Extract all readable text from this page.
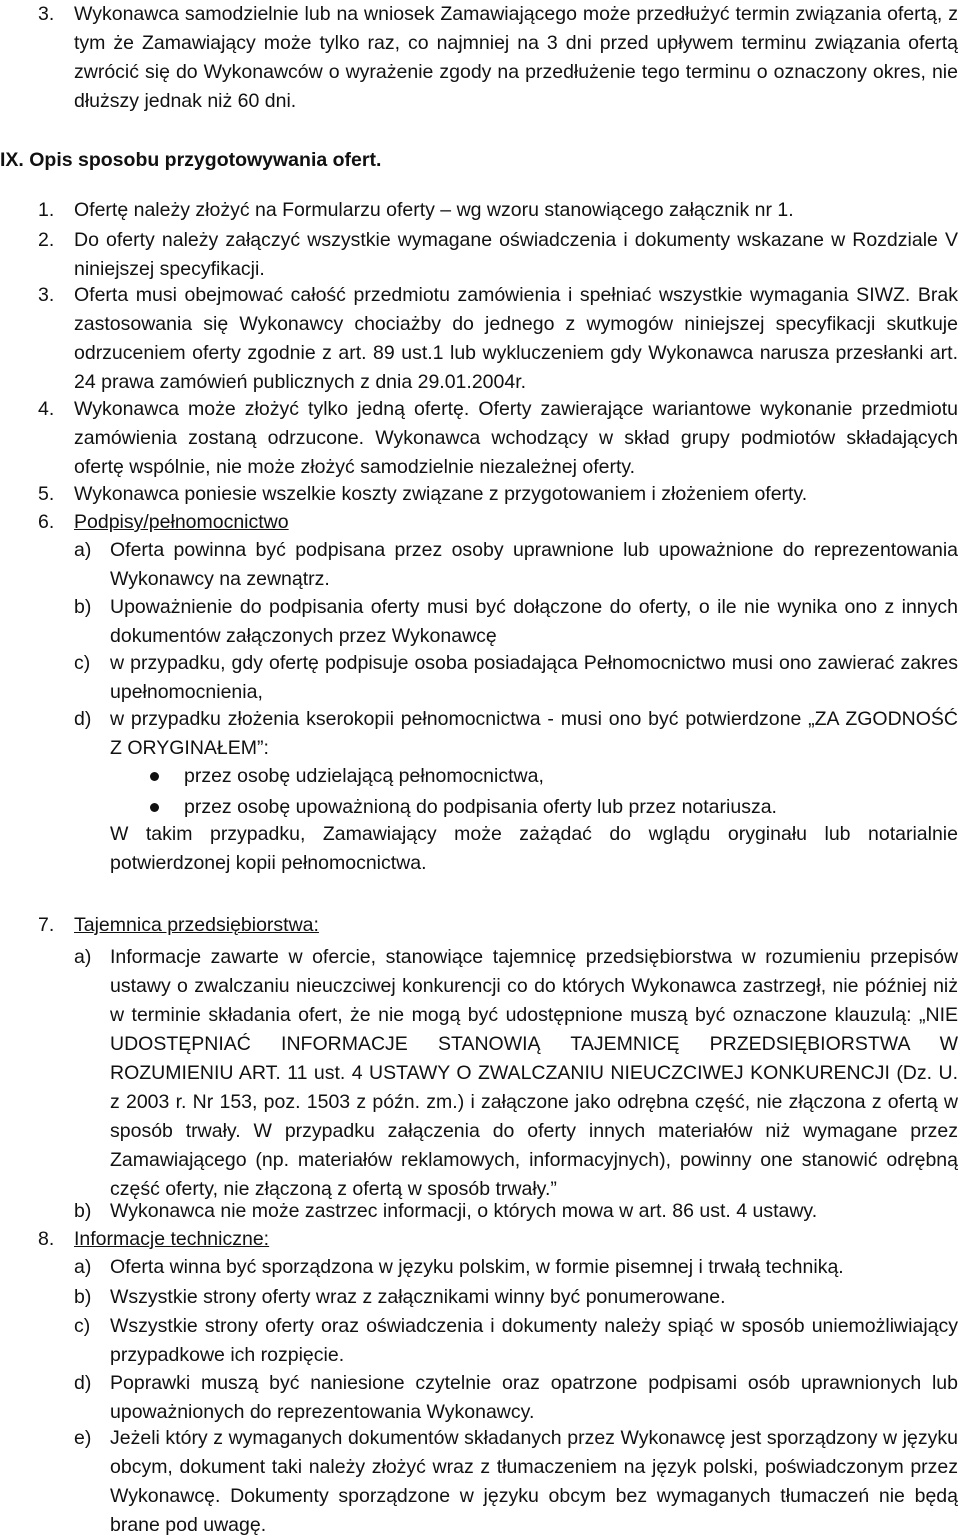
3.	Wykonawca samodzielnie lub na wniosek Zamawiającego może przedłużyć termin związania ofertą, z tym że Zamawiający może tylko raz, co najmniej na 3 dni przed upływem terminu związania ofertą zwrócić się do Wykonawców o wyrażenie zgody na przedłużenie tego terminu o oznaczony okres, nie dłuższy jednak niż 60 dni.
IX. Opis sposobu przygotowywania ofert.
1.	Ofertę należy złożyć na Formularzu oferty – wg wzoru stanowiącego załącznik nr 1.
2.	Do oferty należy załączyć wszystkie wymagane oświadczenia i dokumenty wskazane w Rozdziale V niniejszej specyfikacji.
3.	Oferta musi obejmować całość przedmiotu zamówienia i spełniać wszystkie wymagania SIWZ. Brak zastosowania się Wykonawcy chociażby do jednego z wymogów niniejszej specyfikacji skutkuje odrzuceniem oferty zgodnie z art. 89 ust.1 lub wykluczeniem gdy Wykonawca narusza przesłanki art. 24 prawa zamówień publicznych z dnia 29.01.2004r.
4.	Wykonawca może złożyć tylko jedną ofertę. Oferty zawierające wariantowe wykonanie przedmiotu zamówienia zostaną odrzucone. Wykonawca wchodzący w skład grupy podmiotów składających ofertę wspólnie, nie może złożyć samodzielnie niezależnej oferty.
5.	Wykonawca poniesie wszelkie koszty związane z przygotowaniem i złożeniem oferty.
6.	Podpisy/pełnomocnictwo
a) Oferta powinna być podpisana przez osoby uprawnione lub upoważnione do reprezentowania Wykonawcy na zewnątrz.
b) Upoważnienie do podpisania oferty musi być dołączone do oferty, o ile nie wynika ono z innych dokumentów załączonych przez Wykonawcę
c)	w przypadku, gdy ofertę podpisuje osoba posiadająca Pełnomocnictwo musi ono zawierać zakres upełnomocnienia,
d) w przypadku złożenia kserokopii pełnomocnictwa - musi ono być potwierdzone „ZA ZGODNOŚĆ Z ORYGINAŁEM”:
przez osobę udzielającą pełnomocnictwa,
przez osobę upoważnioną do podpisania oferty lub przez notariusza.
W takim przypadku, Zamawiający może zażądać do wglądu oryginału lub notarialnie potwierdzonej kopii pełnomocnictwa.
7.	Tajemnica przedsiębiorstwa:
a) Informacje zawarte w ofercie, stanowiące tajemnicę przedsiębiorstwa w rozumieniu przepisów ustawy o zwalczaniu nieuczciwej konkurencji co do których Wykonawca zastrzegł, nie później niż w terminie składania ofert, że nie mogą być udostępnione muszą być oznaczone klauzulą: „NIE UDOSTĘPNIAĆ INFORMACJE STANOWIĄ TAJEMNICĘ PRZEDSIĘBIORSTWA W ROZUMIENIU ART. 11 ust. 4 USTAWY O ZWALCZANIU NIEUCZCIWEJ KONKURENCJI (Dz. U. z 2003 r. Nr 153, poz. 1503 z późn. zm.) i załączone jako odrębna część, nie złączona z ofertą w sposób trwały. W przypadku załączenia do oferty innych materiałów niż wymagane przez Zamawiającego (np. materiałów reklamowych, informacyjnych), powinny one stanowić odrębną część oferty, nie złączoną z ofertą w sposób trwały.”
b) Wykonawca nie może zastrzec informacji, o których mowa w art. 86 ust. 4 ustawy.
8.	Informacje techniczne:
a) Oferta winna być sporządzona w języku polskim, w formie pisemnej i trwałą techniką.
b) Wszystkie strony oferty wraz z załącznikami winny być ponumerowane.
c)	Wszystkie strony oferty oraz oświadczenia i dokumenty należy spiąć w sposób uniemożliwiający przypadkowe ich rozpięcie.
d) Poprawki muszą być naniesione czytelnie oraz opatrzone podpisami osób uprawnionych lub upoważnionych do reprezentowania Wykonawcy.
e) Jeżeli który z wymaganych dokumentów składanych przez Wykonawcę jest sporządzony w języku obcym, dokument taki należy złożyć wraz z tłumaczeniem na język polski, poświadczonym przez Wykonawcę. Dokumenty sporządzone w języku obcym bez wymaganych tłumaczeń nie będą brane pod uwagę.
